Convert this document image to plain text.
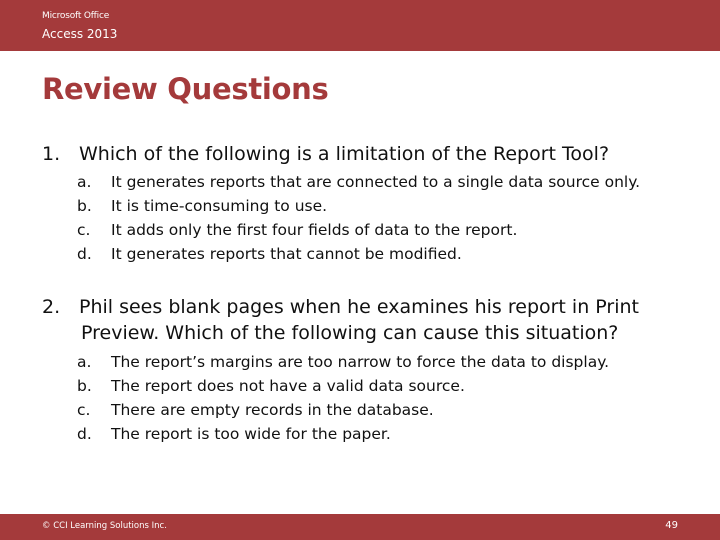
Microsoft Office
Access 2013
Review Questions
1. Which of the following is a limitation of the Report Tool?
a. It generates reports that are connected to a single data source only.
b. It is time-consuming to use.
c. It adds only the first four fields of data to the report.
d. It generates reports that cannot be modified.
2. Phil sees blank pages when he examines his report in Print
Preview. Which of the following can cause this situation?
a. The report’s margins are too narrow to force the data to display.
b. The report does not have a valid data source.
c. There are empty records in the database.
d. The report is too wide for the paper.
© CCI Learning Solutions Inc.	49
